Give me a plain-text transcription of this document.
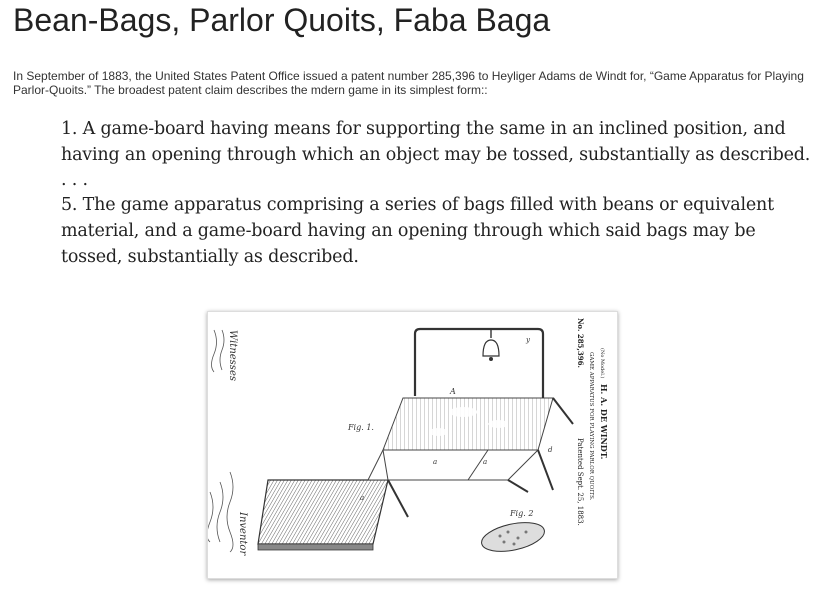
Bean-Bags, Parlor Quoits, Faba Baga

In September of 1883, the United States Patent Office issued a patent number 285,396 to Heyliger Adams de Windt for, “Game Apparatus for Playing Parlor-Quoits.” The broadest patent claim describes the mdern game in its simplest form::

1. A game-board having means for supporting the same in an inclined position, and having an opening through which an object may be tossed, substantially as described.

. . .

5. The game apparatus comprising a series of bags filled with beans or equivalent material, and a game-board having an opening through which said bags may be tossed, substantially as described.

Witnesses
Inventor
Fig. 1.
A
a
a	a
d
y
Fig. 2
(No Model.)
H. A. DE WINDT.
GAME APPARATUS FOR PLAYING PARLOR QUOITS.
No. 285,396.
Patented Sept. 25, 1883.
